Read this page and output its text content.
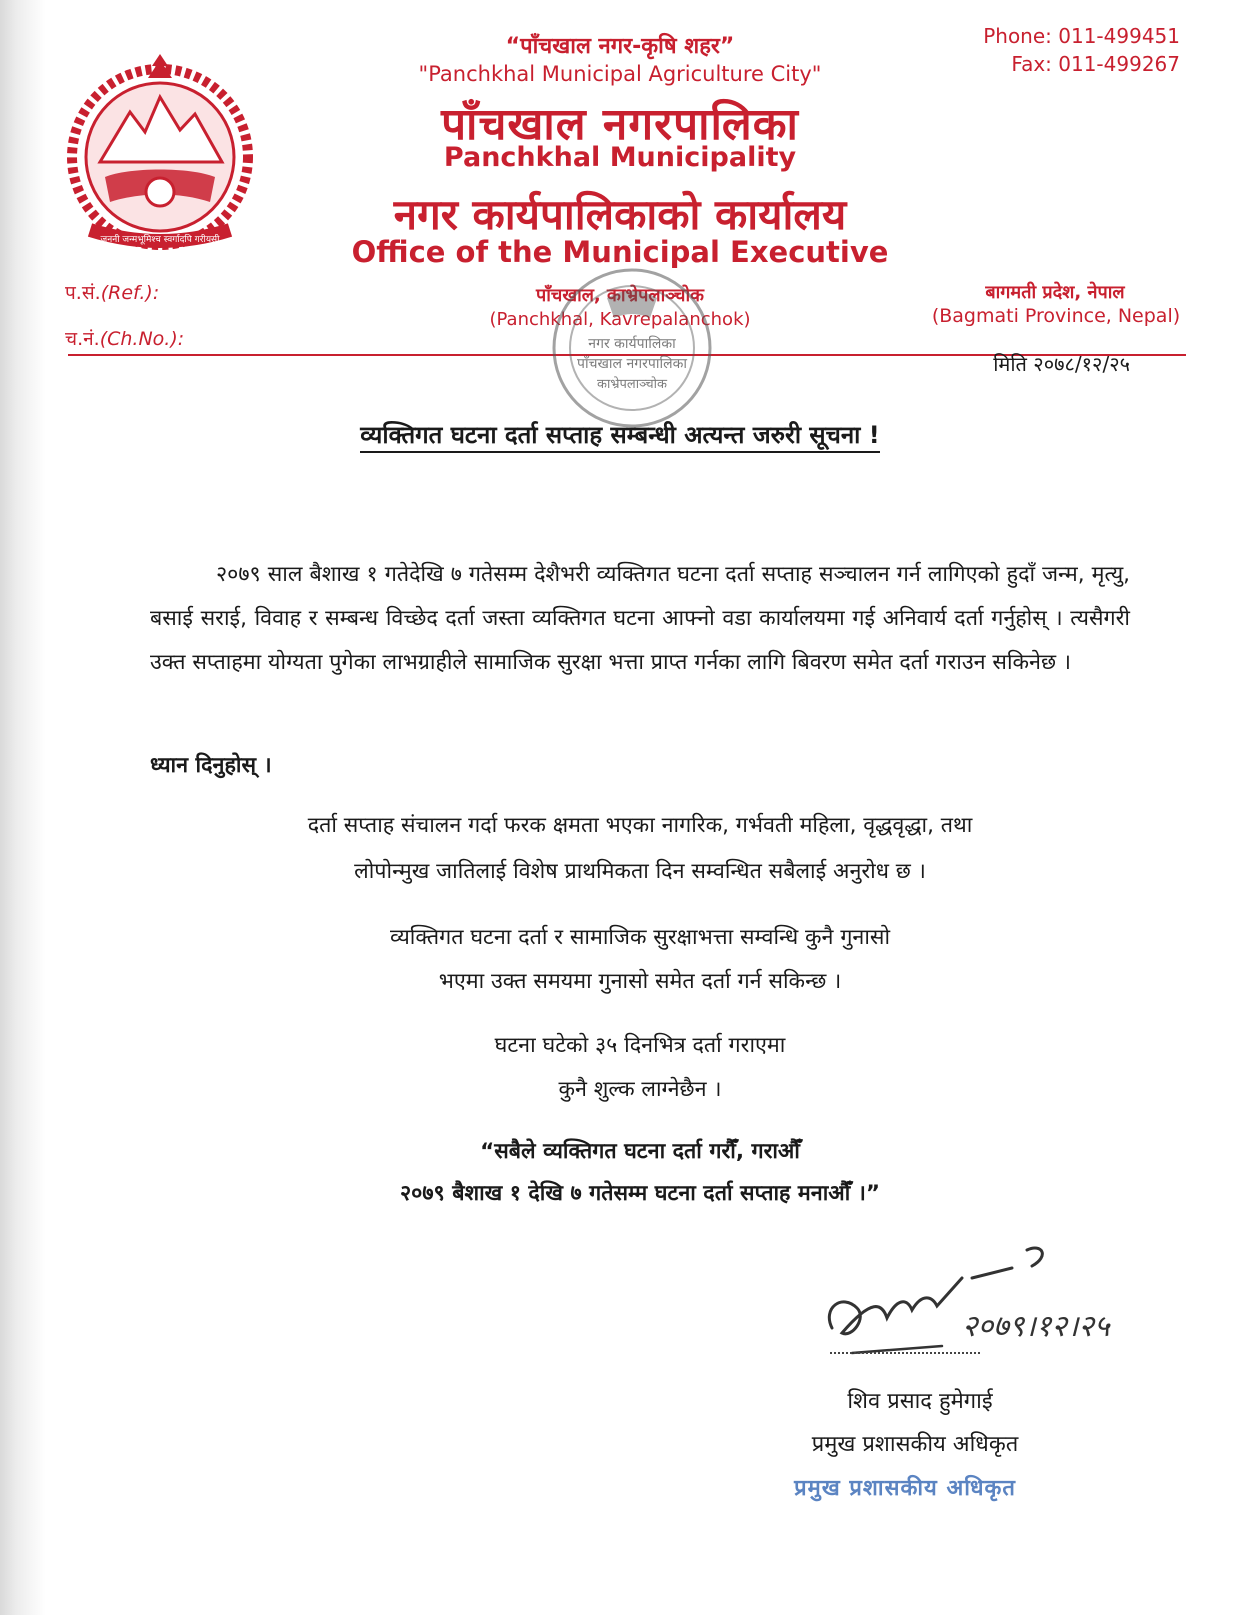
जननी जन्मभूमिश्च स्वर्गादपि गरीयसी
“पाँचखाल नगर-कृषि शहर”
"Panchkhal Municipal Agriculture City"
पाँचखाल नगरपालिका
Panchkhal Municipality
नगर कार्यपालिकाको कार्यालय
Office of the Municipal Executive
पाँचखाल, काभ्रेपलाञ्चोक
(Panchkhal, Kavrepalanchok)
Phone: 011-499451
Fax: 011-499267
बागमती प्रदेश, नेपाल
(Bagmati Province, Nepal)
प.सं.(Ref.):
च.नं.(Ch.No.):
मिति २०७८/१२/२५
नगर कार्यपालिका
पाँचखाल नगरपालिका
काभ्रेपलाञ्चोक
व्यक्तिगत घटना दर्ता सप्ताह सम्बन्धी अत्यन्त जरुरी सूचना !
२०७९ साल बैशाख १ गतेदेखि ७ गतेसम्म देशैभरी व्यक्तिगत घटना दर्ता सप्ताह सञ्चालन गर्न लागिएको हुदाँ जन्म, मृत्यु, बसाई सराई, विवाह र सम्बन्ध विच्छेद दर्ता जस्ता व्यक्तिगत घटना आफ्नो वडा कार्यालयमा गई अनिवार्य दर्ता गर्नुहोस् । त्यसैगरी उक्त सप्ताहमा योग्यता पुगेका लाभग्राहीले सामाजिक सुरक्षा भत्ता प्राप्त गर्नका लागि बिवरण समेत दर्ता गराउन सकिनेछ ।
ध्यान दिनुहोस् ।
दर्ता सप्ताह संचालन गर्दा फरक क्षमता भएका नागरिक, गर्भवती महिला, वृद्धवृद्धा, तथा
लोपोन्मुख जातिलाई विशेष प्राथमिकता दिन सम्वन्धित सबैलाई अनुरोध छ ।
व्यक्तिगत घटना दर्ता र सामाजिक सुरक्षाभत्ता सम्वन्धि कुनै गुनासो
भएमा उक्त समयमा गुनासो समेत दर्ता गर्न सकिन्छ ।
घटना घटेको ३५ दिनभित्र दर्ता गराएमा
कुनै शुल्क लाग्नेछैन ।
“सबैले व्यक्तिगत घटना दर्ता गरौँ, गराऔँ
२०७९ बैशाख १ देखि ७ गतेसम्म घटना दर्ता सप्ताह मनाऔँ ।”
२०७९।१२।२५
शिव प्रसाद हुमेगाई
प्रमुख प्रशासकीय अधिकृत
प्रमुख प्रशासकीय अधिकृत
